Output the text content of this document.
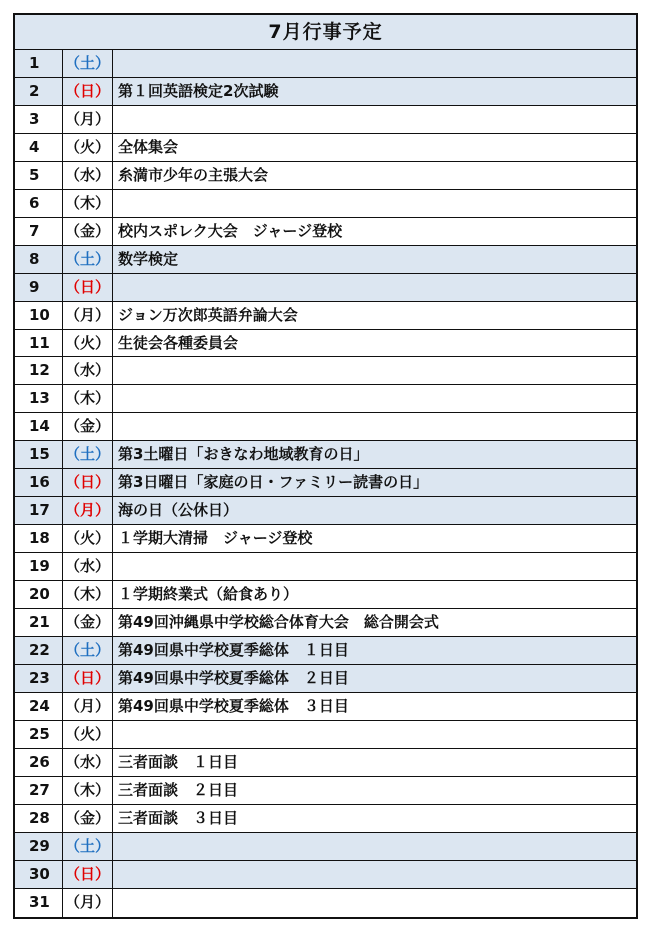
7月行事予定
1	（土）
2	（日） 第１回英語検定2次試験
3	（月）
4	（火） 全体集会
5	（水） 糸満市少年の主張大会
6	（木）
7	（金） 校内スポレク大会　ジャージ登校
8	（土） 数学検定
9	（日）
10	（月） ジョン万次郎英語弁論大会
11	（火） 生徒会各種委員会
12	（水）
13	（木）
14	（金）
15	（土） 第3土曜日「おきなわ地域教育の日」
16	（日） 第3日曜日「家庭の日・ファミリー読書の日」
17	（月） 海の日（公休日）
18	（火） １学期大清掃　ジャージ登校
19	（水）
20	（木） １学期終業式（給食あり）
21	（金） 第49回沖縄県中学校総合体育大会　総合開会式
22	（土） 第49回県中学校夏季総体　１日目
23	（日） 第49回県中学校夏季総体　２日目
24	（月） 第49回県中学校夏季総体　３日目
25	（火）
26	（水） 三者面談　１日目
27	（木） 三者面談　２日目
28	（金） 三者面談　３日目
29	（土）
30	（日）
31	（月）
